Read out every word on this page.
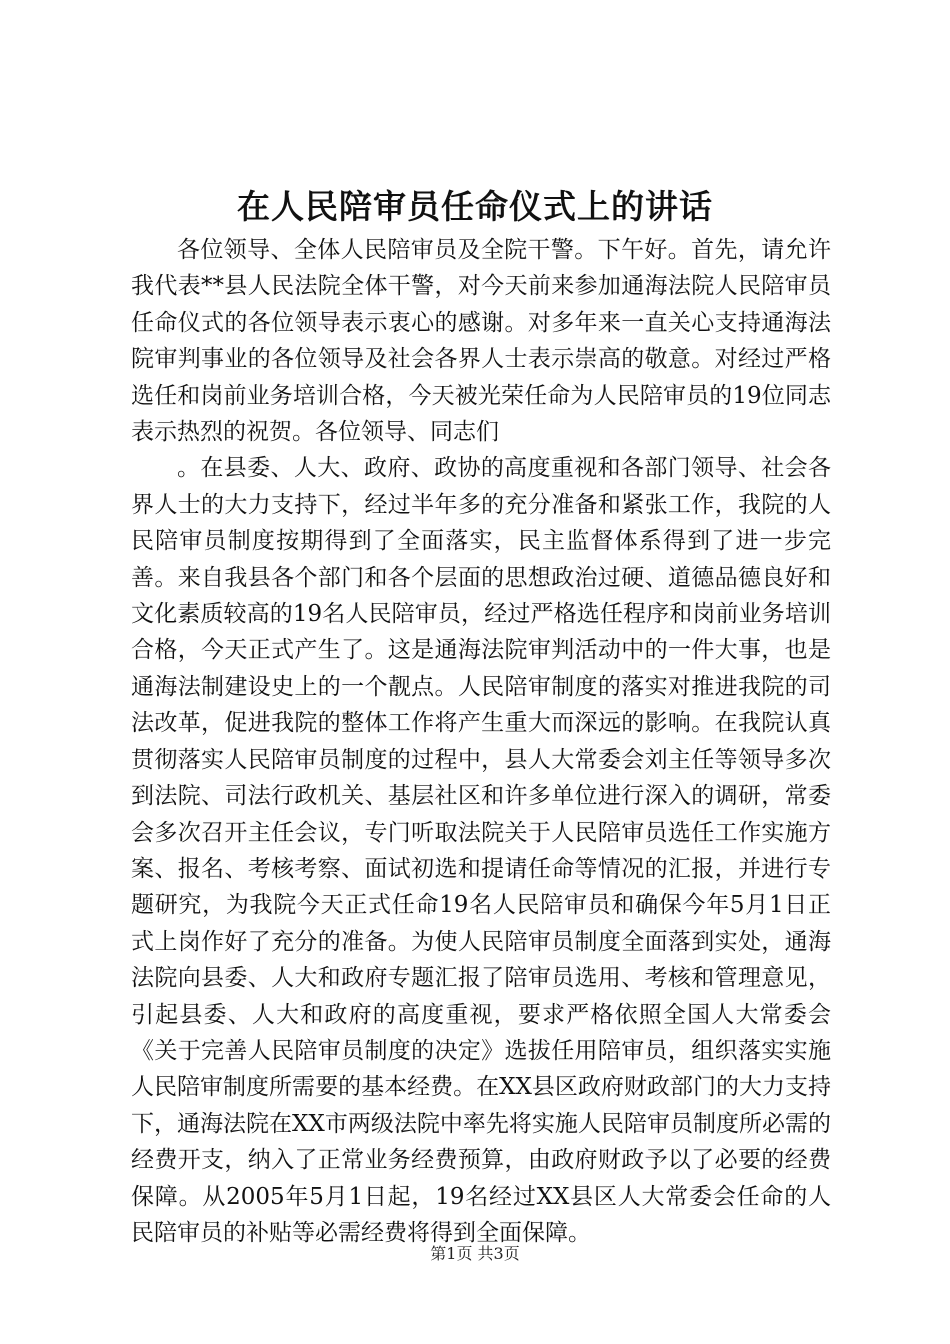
在人民陪审员任命仪式上的讲话

各位领导、全体人民陪审员及全院干警。下午好。首先，请允许我代表**县人民法院全体干警，对今天前来参加通海法院人民陪审员任命仪式的各位领导表示衷心的感谢。对多年来一直关心支持通海法院审判事业的各位领导及社会各界人士表示崇高的敬意。对经过严格选任和岗前业务培训合格，今天被光荣任命为人民陪审员的19位同志表示热烈的祝贺。各位领导、同志们

。在县委、人大、政府、政协的高度重视和各部门领导、社会各界人士的大力支持下，经过半年多的充分准备和紧张工作，我院的人民陪审员制度按期得到了全面落实，民主监督体系得到了进一步完善。来自我县各个部门和各个层面的思想政治过硬、道德品德良好和文化素质较高的19名人民陪审员，经过严格选任程序和岗前业务培训合格，今天正式产生了。这是通海法院审判活动中的一件大事，也是通海法制建设史上的一个靓点。人民陪审制度的落实对推进我院的司法改革，促进我院的整体工作将产生重大而深远的影响。在我院认真贯彻落实人民陪审员制度的过程中，县人大常委会刘主任等领导多次到法院、司法行政机关、基层社区和许多单位进行深入的调研，常委会多次召开主任会议，专门听取法院关于人民陪审员选任工作实施方案、报名、考核考察、面试初选和提请任命等情况的汇报，并进行专题研究，为我院今天正式任命19名人民陪审员和确保今年5月1日正式上岗作好了充分的准备。为使人民陪审员制度全面落到实处，通海法院向县委、人大和政府专题汇报了陪审员选用、考核和管理意见，引起县委、人大和政府的高度重视，要求严格依照全国人大常委会《关于完善人民陪审员制度的决定》选拔任用陪审员，组织落实实施人民陪审制度所需要的基本经费。在XX县区政府财政部门的大力支持下，通海法院在XX市两级法院中率先将实施人民陪审员制度所必需的经费开支，纳入了正常业务经费预算，由政府财政予以了必要的经费保障。从2005年5月1日起，19名经过XX县区人大常委会任命的人民陪审员的补贴等必需经费将得到全面保障。

第1页 共3页
